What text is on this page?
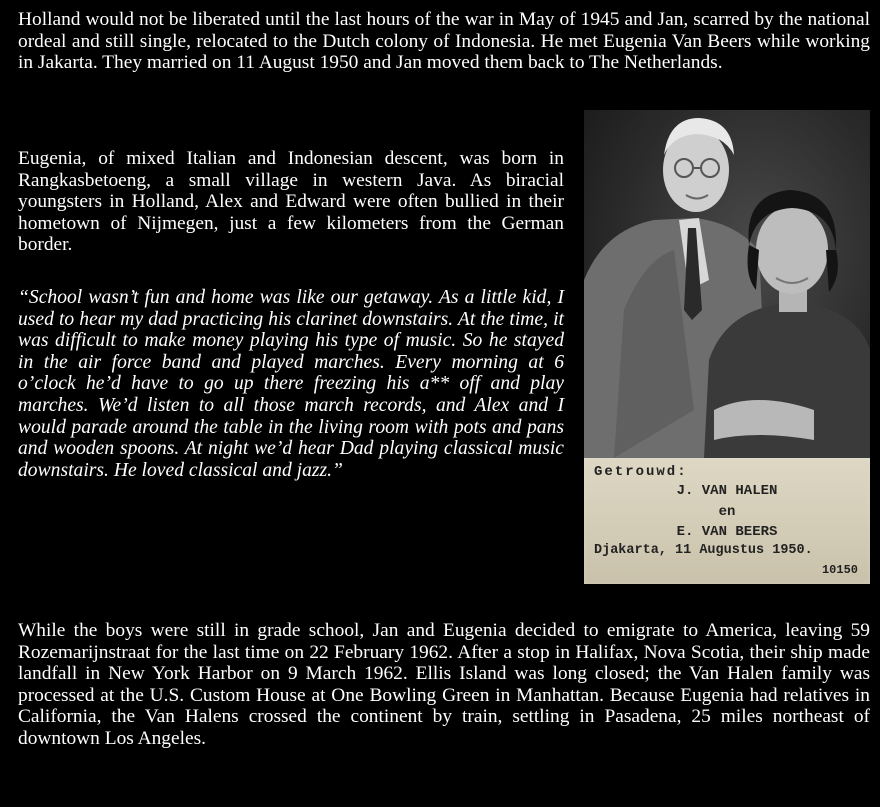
Holland would not be liberated until the last hours of the war in May of 1945 and Jan, scarred by the national ordeal and still single, relocated to the Dutch colony of Indonesia. He met Eugenia Van Beers while working in Jakarta. They married on 11 August 1950 and Jan moved them back to The Netherlands.

Eugenia, of mixed Italian and Indonesian descent, was born in Rangkasbetoeng, a small village in western Java. As biracial youngsters in Holland, Alex and Edward were often bullied in their hometown of Nijmegen, just a few kilometers from the German border.

“School wasn’t fun and home was like our getaway. As a little kid, I used to hear my dad practicing his clarinet downstairs. At the time, it was difficult to make money playing his type of music. So he stayed in the air force band and played marches. Every morning at 6 o’clock he’d have to go up there freezing his a** off and play marches. We’d listen to all those march records, and Alex and I would parade around the table in the living room with pots and pans and wooden spoons. At night we’d hear Dad playing classical music downstairs. He loved classical and jazz.”

While the boys were still in grade school, Jan and Eugenia decided to emigrate to America, leaving 59 Rozemarijnstraat for the last time on 22 February 1962. After a stop in Halifax, Nova Scotia, their ship made landfall in New York Harbor on 9 March 1962. Ellis Island was long closed; the Van Halen family was processed at the U.S. Custom House at One Bowling Green in Manhattan. Because Eugenia had relatives in California, the Van Halens crossed the continent by train, settling in Pasadena, 25 miles northeast of downtown Los Angeles.

Getrouwd:
J. VAN HALEN
en
E. VAN BEERS
Djakarta, 11 Augustus 1950.
10150
